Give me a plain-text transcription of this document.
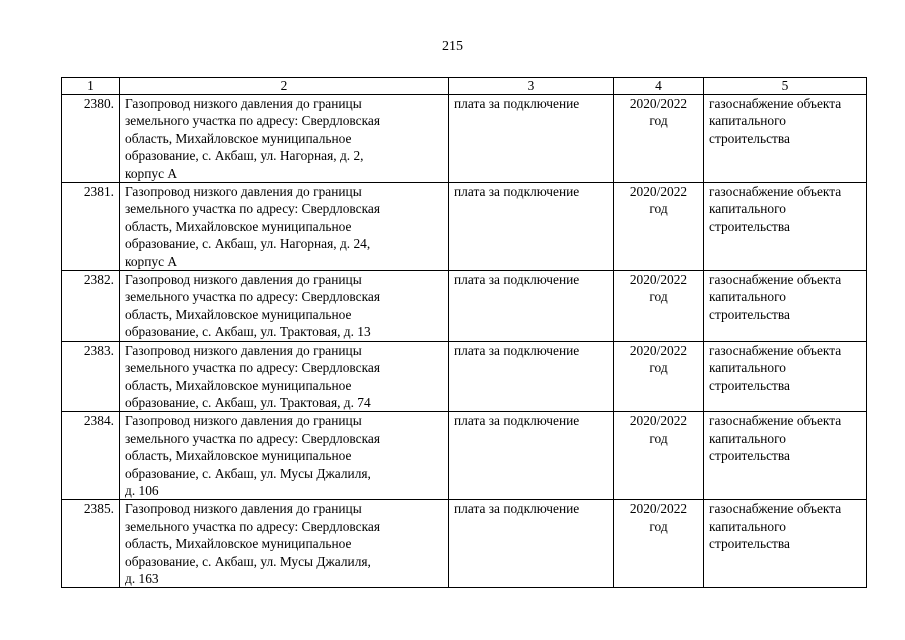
215
1	2	3	4	5
2380.	Газопровод низкого давления до границы
земельного участка по адресу: Свердловская
область, Михайловское муниципальное
образование, с. Акбаш, ул. Нагорная, д. 2,
корпус А	плата за подключение	2020/2022
год	газоснабжение объекта
капитального
строительства
2381.	Газопровод низкого давления до границы
земельного участка по адресу: Свердловская
область, Михайловское муниципальное
образование, с. Акбаш, ул. Нагорная, д. 24,
корпус А	плата за подключение	2020/2022
год	газоснабжение объекта
капитального
строительства
2382.	Газопровод низкого давления до границы
земельного участка по адресу: Свердловская
область, Михайловское муниципальное
образование, с. Акбаш, ул. Трактовая, д. 13	плата за подключение	2020/2022
год	газоснабжение объекта
капитального
строительства
2383.	Газопровод низкого давления до границы
земельного участка по адресу: Свердловская
область, Михайловское муниципальное
образование, с. Акбаш, ул. Трактовая, д. 74	плата за подключение	2020/2022
год	газоснабжение объекта
капитального
строительства
2384.	Газопровод низкого давления до границы
земельного участка по адресу: Свердловская
область, Михайловское муниципальное
образование, с. Акбаш, ул. Мусы Джалиля,
д. 106	плата за подключение	2020/2022
год	газоснабжение объекта
капитального
строительства
2385.	Газопровод низкого давления до границы
земельного участка по адресу: Свердловская
область, Михайловское муниципальное
образование, с. Акбаш, ул. Мусы Джалиля,
д. 163	плата за подключение	2020/2022
год	газоснабжение объекта
капитального
строительства
